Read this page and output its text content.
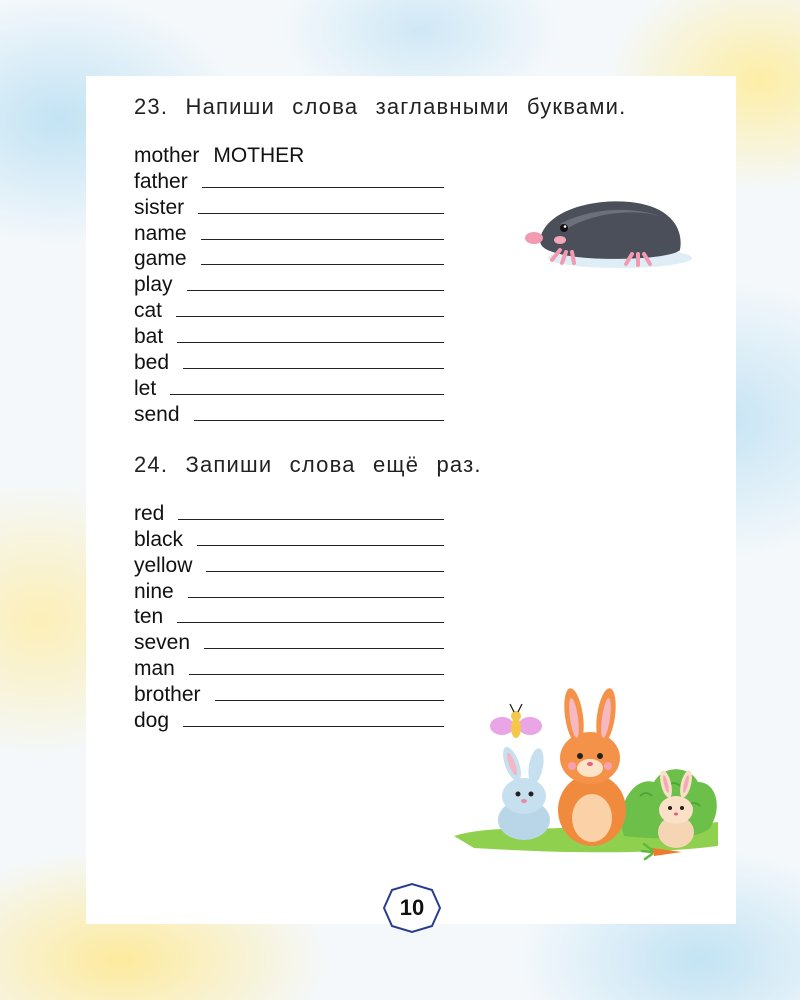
23. Напиши слова заглавными буквами.
mother MOTHER
father
sister
name
game
play
cat
bat
bed
let
send
24. Запиши слова ещё раз.
red
black
yellow
nine
ten
seven
man
brother
dog
10
